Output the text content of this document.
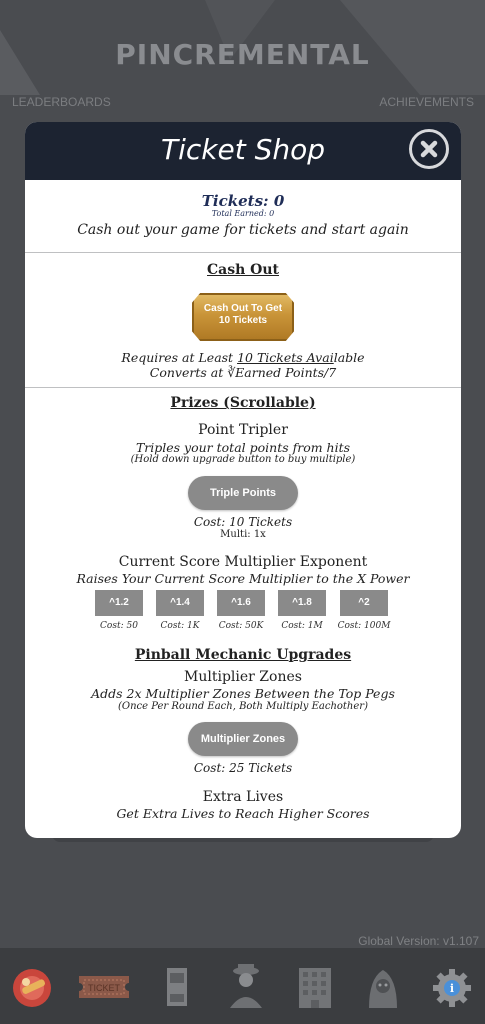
PINCREMENTAL
LEADERBOARDS	ACHIEVEMENTS
Ticket Shop
Tickets: 0
Total Earned: 0
Cash out your game for tickets and start again
Cash Out
Cash Out To Get
10 Tickets
Requires at Least 10 Tickets Available
Converts at ∛Earned Points/7
Prizes (Scrollable)
Point Tripler
Triples your total points from hits
(Hold down upgrade button to buy multiple)
Triple Points
Cost: 10 Tickets
Multi: 1x
Current Score Multiplier Exponent
Raises Your Current Score Multiplier to the X Power
^1.2	^1.4	^1.6	^1.8	^2
Cost: 50	Cost: 1K	Cost: 50K	Cost: 1M	Cost: 100M
Pinball Mechanic Upgrades
Multiplier Zones
Adds 2x Multiplier Zones Between the Top Pegs
(Once Per Round Each, Both Multiply Eachother)
Multiplier Zones
Cost: 25 Tickets
Extra Lives
Get Extra Lives to Reach Higher Scores
Global Version: v1.107
TICKET	i
